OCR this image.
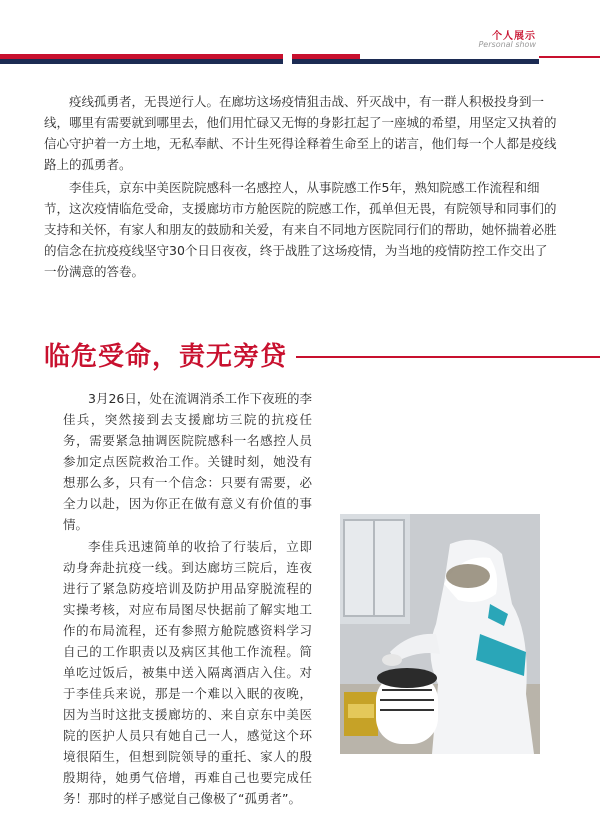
个人展示
Personal show

疫线孤勇者，无畏逆行人。在廊坊这场疫情狙击战、歼灭战中，有一群人积极投身到一线，哪里有需要就到哪里去，他们用忙碌又无悔的身影扛起了一座城的希望，用坚定又执着的信心守护着一方土地，无私奉献、不计生死得诠释着生命至上的诺言，他们每一个人都是疫线路上的孤勇者。

李佳兵，京东中美医院院感科一名感控人，从事院感工作5年，熟知院感工作流程和细节，这次疫情临危受命，支援廊坊市方舱医院的院感工作，孤单但无畏，有院领导和同事们的支持和关怀，有家人和朋友的鼓励和关爱，有来自不同地方医院同行们的帮助，她怀揣着必胜的信念在抗疫疫线坚守30个日日夜夜，终于战胜了这场疫情，为当地的疫情防控工作交出了一份满意的答卷。

临危受命，责无旁贷

3月26日，处在流调消杀工作下夜班的李佳兵，突然接到去支援廊坊三院的抗疫任务，需要紧急抽调医院院感科一名感控人员参加定点医院救治工作。关键时刻，她没有想那么多，只有一个信念：只要有需要，必全力以赴，因为你正在做有意义有价值的事情。

李佳兵迅速简单的收拾了行装后，立即动身奔赴抗疫一线。到达廊坊三院后，连夜进行了紧急防疫培训及防护用品穿脱流程的实操考核，对应布局图尽快据前了解实地工作的布局流程，还有参照方舱院感资料学习自己的工作职责以及病区其他工作流程。简单吃过饭后，被集中送入隔离酒店入住。对于李佳兵来说，那是一个难以入眠的夜晚，因为当时这批支援廊坊的、来自京东中美医院的医护人员只有她自己一人，感觉这个环境很陌生，但想到院领导的重托、家人的殷殷期待，她勇气倍增，再难自己也要完成任务！那时的样子感觉自己像极了“孤勇者”。
